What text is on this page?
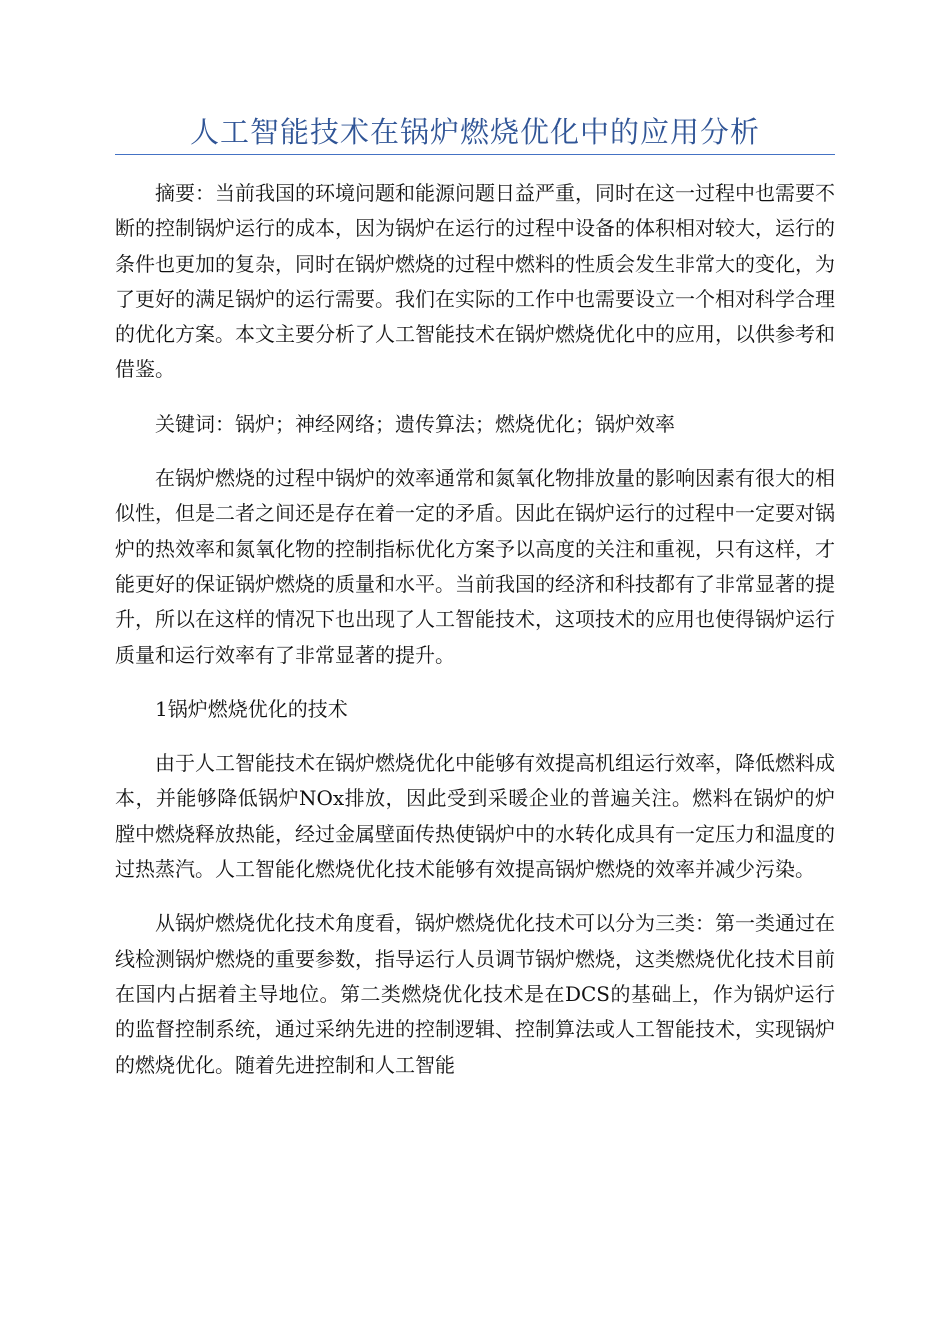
人工智能技术在锅炉燃烧优化中的应用分析

摘要：当前我国的环境问题和能源问题日益严重，同时在这一过程中也需要不断的控制锅炉运行的成本，因为锅炉在运行的过程中设备的体积相对较大，运行的条件也更加的复杂，同时在锅炉燃烧的过程中燃料的性质会发生非常大的变化，为了更好的满足锅炉的运行需要。我们在实际的工作中也需要设立一个相对科学合理的优化方案。本文主要分析了人工智能技术在锅炉燃烧优化中的应用，以供参考和借鉴。

关键词：锅炉；神经网络；遗传算法；燃烧优化；锅炉效率

在锅炉燃烧的过程中锅炉的效率通常和氮氧化物排放量的影响因素有很大的相似性，但是二者之间还是存在着一定的矛盾。因此在锅炉运行的过程中一定要对锅炉的热效率和氮氧化物的控制指标优化方案予以高度的关注和重视，只有这样，才能更好的保证锅炉燃烧的质量和水平。当前我国的经济和科技都有了非常显著的提升，所以在这样的情况下也出现了人工智能技术，这项技术的应用也使得锅炉运行质量和运行效率有了非常显著的提升。

1锅炉燃烧优化的技术

由于人工智能技术在锅炉燃烧优化中能够有效提高机组运行效率，降低燃料成本，并能够降低锅炉NOx排放，因此受到采暖企业的普遍关注。燃料在锅炉的炉膛中燃烧释放热能，经过金属壁面传热使锅炉中的水转化成具有一定压力和温度的过热蒸汽。人工智能化燃烧优化技术能够有效提高锅炉燃烧的效率并减少污染。

从锅炉燃烧优化技术角度看，锅炉燃烧优化技术可以分为三类：第一类通过在线检测锅炉燃烧的重要参数，指导运行人员调节锅炉燃烧，这类燃烧优化技术目前在国内占据着主导地位。第二类燃烧优化技术是在DCS的基础上，作为锅炉运行的监督控制系统，通过采纳先进的控制逻辑、控制算法或人工智能技术，实现锅炉的燃烧优化。随着先进控制和人工智能
